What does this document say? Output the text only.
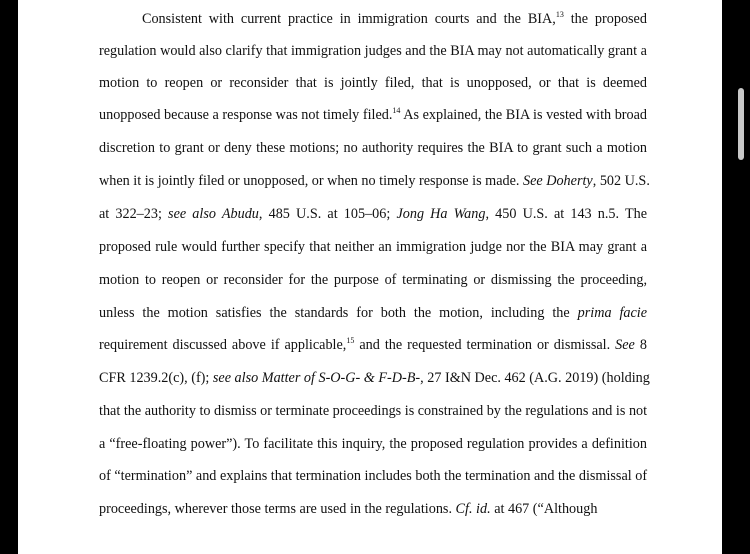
Consistent with current practice in immigration courts and the BIA,$^{13}$ the proposed
regulation would also clarify that immigration judges and the BIA may not automatically grant a
motion to reopen or reconsider that is jointly filed, that is unopposed, or that is deemed
unopposed because a response was not timely filed.$^{14}$ As explained, the BIA is vested with broad
discretion to grant or deny these motions; no authority requires the BIA to grant such a motion
when it is jointly filed or unopposed, or when no timely response is made. See Doherty, 502 U.S.
at 322–23; see also Abudu, 485 U.S. at 105–06; Jong Ha Wang, 450 U.S. at 143 n.5. The
proposed rule would further specify that neither an immigration judge nor the BIA may grant a
motion to reopen or reconsider for the purpose of terminating or dismissing the proceeding,
unless the motion satisfies the standards for both the motion, including the prima facie
requirement discussed above if applicable,$^{15}$ and the requested termination or dismissal. See 8
CFR 1239.2(c), (f); see also Matter of S-O-G- & F-D-B-, 27 I&N Dec. 462 (A.G. 2019) (holding
that the authority to dismiss or terminate proceedings is constrained by the regulations and is not
a “free-floating power”). To facilitate this inquiry, the proposed regulation provides a definition
of “termination” and explains that termination includes both the termination and the dismissal of
proceedings, wherever those terms are used in the regulations. Cf. id. at 467 (“Although
